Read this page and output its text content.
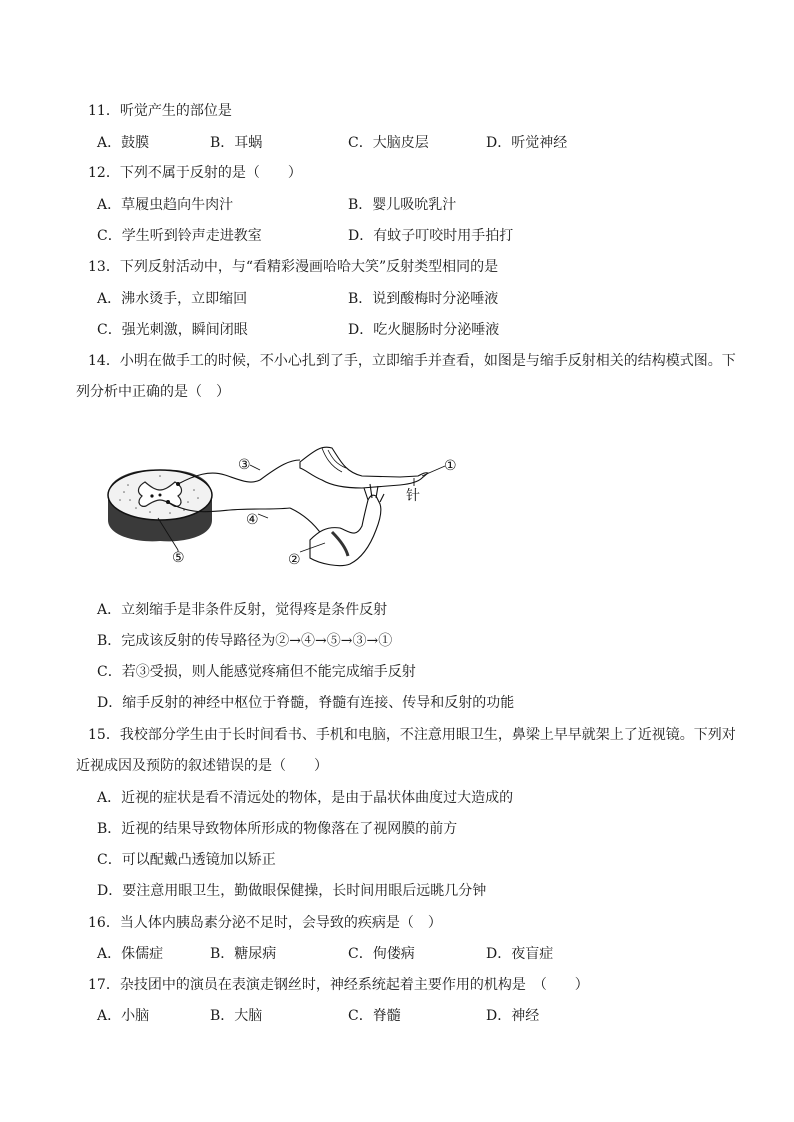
11．听觉产生的部位是
A．鼓膜	B．耳蜗	C．大脑皮层	D．听觉神经
12．下列不属于反射的是（　　）
A．草履虫趋向牛肉汁	B．婴儿吸吮乳汁
C．学生听到铃声走进教室	D．有蚊子叮咬时用手拍打
13．下列反射活动中，与“看精彩漫画哈哈大笑”反射类型相同的是
A．沸水烫手，立即缩回	B．说到酸梅时分泌唾液
C．强光刺激，瞬间闭眼	D．吃火腿肠时分泌唾液
14．小明在做手工的时候，不小心扎到了手，立即缩手并查看，如图是与缩手反射相关的结构模式图。下
列分析中正确的是（　）
③	①
针
④
⑤	②
A．立刻缩手是非条件反射，觉得疼是条件反射
B．完成该反射的传导路径为②→④→⑤→③→①
C．若③受损，则人能感觉疼痛但不能完成缩手反射
D．缩手反射的神经中枢位于脊髓，脊髓有连接、传导和反射的功能
15．我校部分学生由于长时间看书、手机和电脑，不注意用眼卫生，鼻梁上早早就架上了近视镜。下列对
近视成因及预防的叙述错误的是（　　）
A．近视的症状是看不清远处的物体，是由于晶状体曲度过大造成的
B．近视的结果导致物体所形成的物像落在了视网膜的前方
C．可以配戴凸透镜加以矫正
D．要注意用眼卫生，勤做眼保健操，长时间用眼后远眺几分钟
16．当人体内胰岛素分泌不足时，会导致的疾病是（　）
A．侏儒症	B．糖尿病	C．佝偻病	D．夜盲症
17．杂技团中的演员在表演走钢丝时，神经系统起着主要作用的机构是　（　　）
A．小脑	B．大脑	C．脊髓	D．神经
